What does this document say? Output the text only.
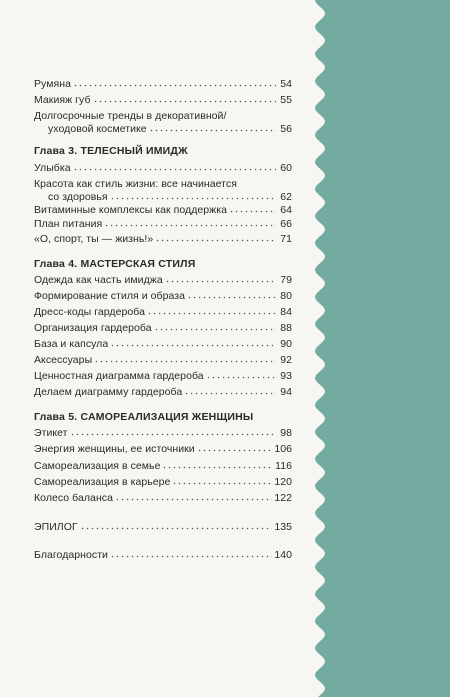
Румяна	54
Макияж губ	55
Долгосрочные тренды в декоративной/
уходовой косметике	56
Глава 3. ТЕЛЕСНЫЙ ИМИДЖ
Улыбка	60
Красота как стиль жизни: все начинается
со здоровья	62
Витаминные комплексы как поддержка	64
План питания	66
«О, спорт, ты — жизнь!»	71
Глава 4. МАСТЕРСКАЯ СТИЛЯ
Одежда как часть имиджа	79
Формирование стиля и образа	80
Дресс-коды гардероба	84
Организация гардероба	88
База и капсула	90
Аксессуары	92
Ценностная диаграмма гардероба	93
Делаем диаграмму гардероба	94
Глава 5. САМОРЕАЛИЗАЦИЯ ЖЕНЩИНЫ
Этикет	98
Энергия женщины, ее источники	106
Самореализация в семье	116
Самореализация в карьере	120
Колесо баланса	122
ЭПИЛОГ	135
Благодарности	140
